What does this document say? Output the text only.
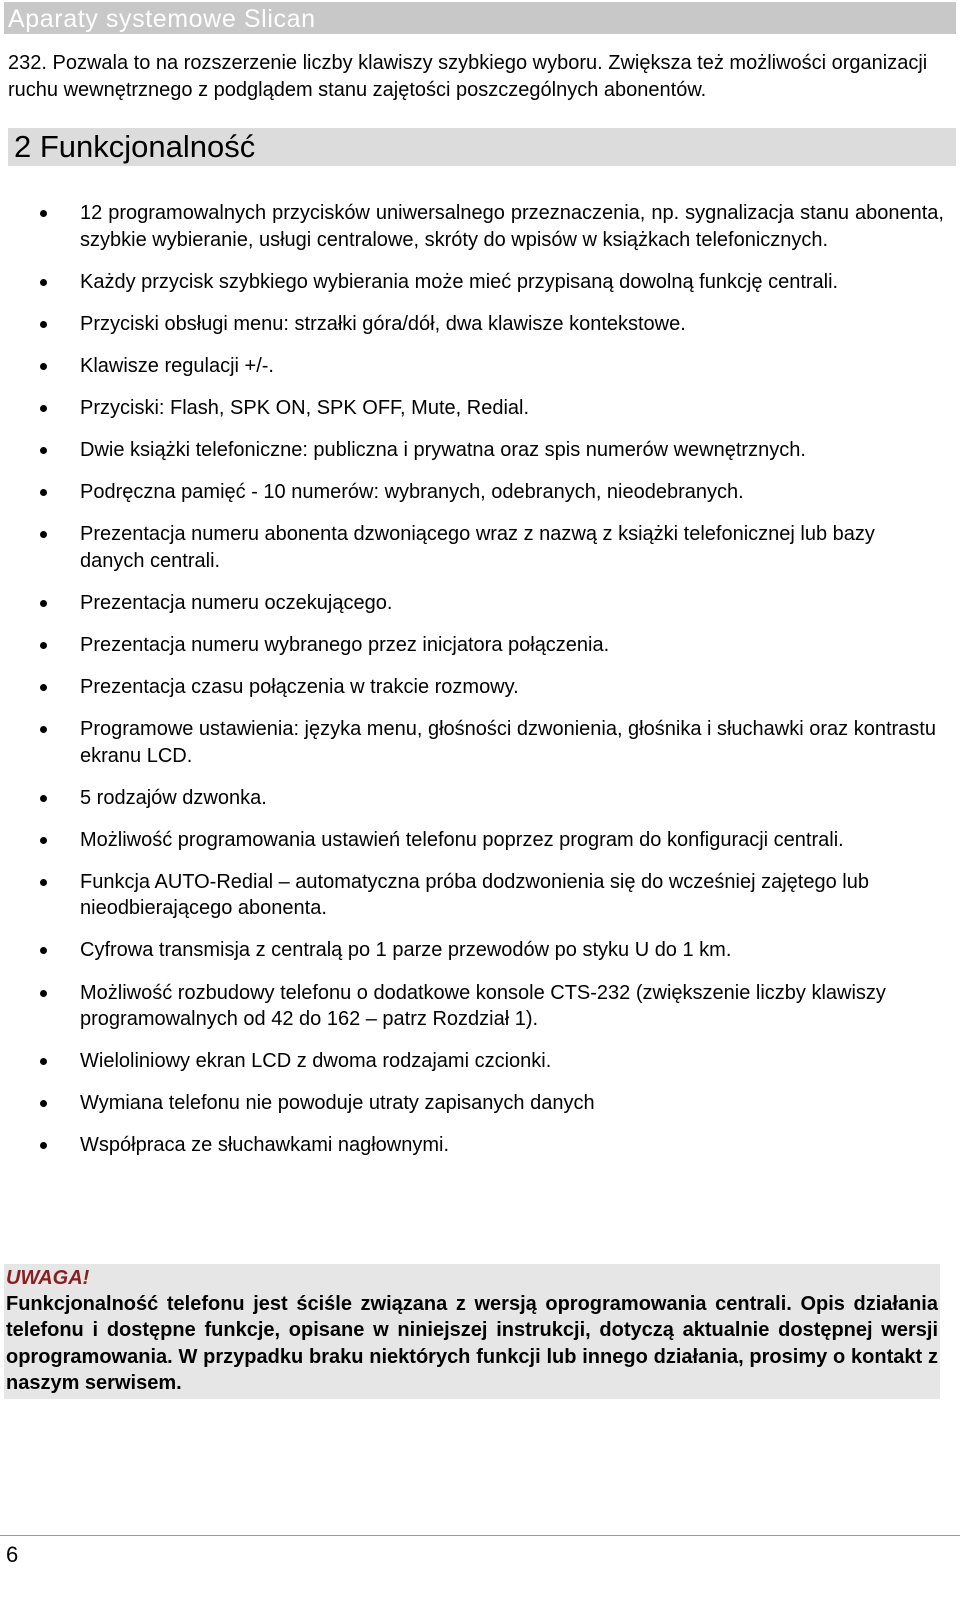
Aparaty systemowe Slican

232. Pozwala to na rozszerzenie liczby klawiszy szybkiego wyboru. Zwiększa też możliwości organizacji ruchu wewnętrznego z podglądem stanu zajętości poszczególnych abonentów.

2 Funkcjonalność
12 programowalnych przycisków uniwersalnego przeznaczenia, np. sygnalizacja stanu abonenta, szybkie wybieranie, usługi centralowe, skróty do wpisów w książkach telefonicznych.
Każdy przycisk szybkiego wybierania może mieć przypisaną dowolną funkcję centrali.
Przyciski obsługi menu: strzałki góra/dół, dwa klawisze kontekstowe.
Klawisze regulacji +/-.
Przyciski: Flash, SPK ON, SPK OFF, Mute, Redial.
Dwie książki telefoniczne: publiczna i prywatna oraz spis numerów wewnętrznych.
Podręczna pamięć - 10 numerów: wybranych, odebranych, nieodebranych.
Prezentacja numeru abonenta dzwoniącego wraz z nazwą z książki telefonicznej lub bazy danych centrali.
Prezentacja numeru oczekującego.
Prezentacja numeru wybranego przez inicjatora połączenia.
Prezentacja czasu połączenia w trakcie rozmowy.
Programowe ustawienia: języka menu, głośności dzwonienia, głośnika i słuchawki oraz kontrastu ekranu LCD.
5 rodzajów dzwonka.
Możliwość programowania ustawień telefonu poprzez program do konfiguracji centrali.
Funkcja AUTO-Redial – automatyczna próba dodzwonienia się do wcześniej zajętego lub nieodbierającego abonenta.
Cyfrowa transmisja z centralą po 1 parze przewodów po styku U do 1 km.
Możliwość rozbudowy telefonu o dodatkowe konsole CTS-232 (zwiększenie liczby klawiszy programowalnych od 42 do 162 – patrz Rozdział 1).
Wieloliniowy ekran LCD z dwoma rodzajami czcionki.
Wymiana telefonu nie powoduje utraty zapisanych danych
Współpraca ze słuchawkami nagłownymi.

UWAGA!

Funkcjonalność telefonu jest ściśle związana z wersją oprogramowania centrali. Opis działania telefonu i dostępne funkcje, opisane w niniejszej instrukcji, dotyczą aktualnie dostępnej wersji oprogramowania. W przypadku braku niektórych funkcji lub innego działania, prosimy o kontakt z naszym serwisem.

6
